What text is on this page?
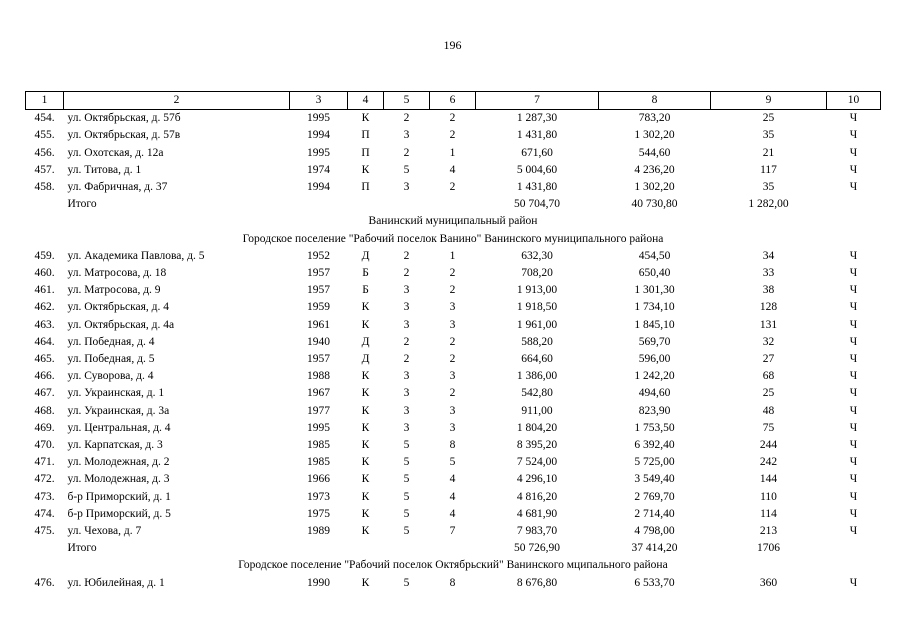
196
1	2	3	4	5	6	7	8	9	10
454.	ул. Октябрьская, д. 57б	1995	К	2	2	1 287,30	783,20	25	Ч
455.	ул. Октябрьская, д. 57в	1994	П	3	2	1 431,80	1 302,20	35	Ч
456.	ул. Охотская, д. 12а	1995	П	2	1	671,60	544,60	21	Ч
457.	ул. Титова, д. 1	1974	К	5	4	5 004,60	4 236,20	117	Ч
458.	ул. Фабричная, д. 37	1994	П	3	2	1 431,80	1 302,20	35	Ч
	Итого					50 704,70	40 730,80	1 282,00	
Ванинский муниципальный район									
Городское поселение "Рабочий поселок Ванино" Ванинского муниципального района									
459.	ул. Академика Павлова, д. 5	1952	Д	2	1	632,30	454,50	34	Ч
460.	ул. Матросова, д. 18	1957	Б	2	2	708,20	650,40	33	Ч
461.	ул. Матросова, д. 9	1957	Б	3	2	1 913,00	1 301,30	38	Ч
462.	ул. Октябрьская, д. 4	1959	К	3	3	1 918,50	1 734,10	128	Ч
463.	ул. Октябрьская, д. 4а	1961	К	3	3	1 961,00	1 845,10	131	Ч
464.	ул. Победная, д. 4	1940	Д	2	2	588,20	569,70	32	Ч
465.	ул. Победная, д. 5	1957	Д	2	2	664,60	596,00	27	Ч
466.	ул. Суворова, д. 4	1988	К	3	3	1 386,00	1 242,20	68	Ч
467.	ул. Украинская, д. 1	1967	К	3	2	542,80	494,60	25	Ч
468.	ул. Украинская, д. 3а	1977	К	3	3	911,00	823,90	48	Ч
469.	ул. Центральная, д. 4	1995	К	3	3	1 804,20	1 753,50	75	Ч
470.	ул. Карпатская, д. 3	1985	К	5	8	8 395,20	6 392,40	244	Ч
471.	ул. Молодежная, д. 2	1985	К	5	5	7 524,00	5 725,00	242	Ч
472.	ул. Молодежная, д. 3	1966	К	5	4	4 296,10	3 549,40	144	Ч
473.	б-р Приморский, д. 1	1973	К	5	4	4 816,20	2 769,70	110	Ч
474.	б-р Приморский, д. 5	1975	К	5	4	4 681,90	2 714,40	114	Ч
475.	ул. Чехова, д. 7	1989	К	5	7	7 983,70	4 798,00	213	Ч
	Итого					50 726,90	37 414,20	1706	
Городское поселение "Рабочий поселок Октябрьский" Ванинского мципального района									
476.	ул. Юбилейная, д. 1	1990	К	5	8	8 676,80	6 533,70	360	Ч
